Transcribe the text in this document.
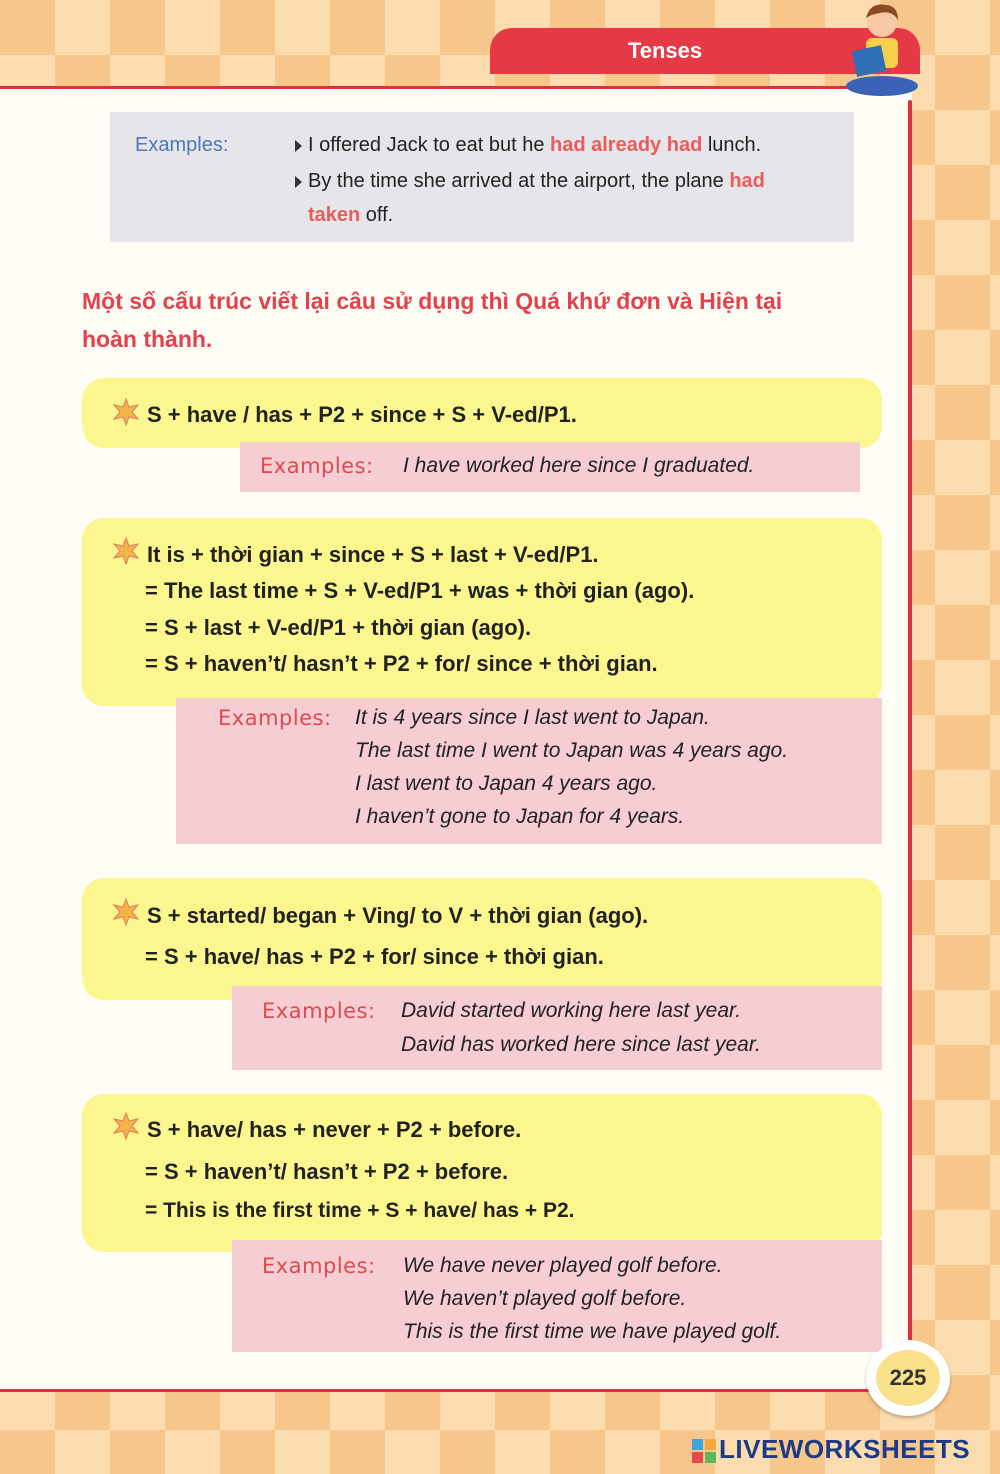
Tenses
Examples:	I offered Jack to eat but he had already had lunch.
By the time she arrived at the airport, the plane had
taken off.
Một số cấu trúc viết lại câu sử dụng thì Quá khứ đơn và Hiện tại
hoàn thành.
S + have / has + P2 + since + S + V-ed/P1.
Examples: I have worked here since I graduated.
It is + thời gian + since + S + last + V-ed/P1.
= The last time + S + V-ed/P1 + was + thời gian (ago).
= S + last + V-ed/P1 + thời gian (ago).
= S + haven’t/ hasn’t + P2 + for/ since + thời gian.
Examples: It is 4 years since I last went to Japan.
The last time I went to Japan was 4 years ago.
I last went to Japan 4 years ago.
I haven’t gone to Japan for 4 years.
S + started/ began + Ving/ to V + thời gian (ago).
= S + have/ has + P2 + for/ since + thời gian.
Examples: David started working here last year.
David has worked here since last year.
S + have/ has + never + P2 + before.
= S + haven’t/ hasn’t + P2 + before.
= This is the first time + S + have/ has + P2.
Examples: We have never played golf before.
We haven’t played golf before.
This is the first time we have played golf.
225
LIVEWORKSHEETS
